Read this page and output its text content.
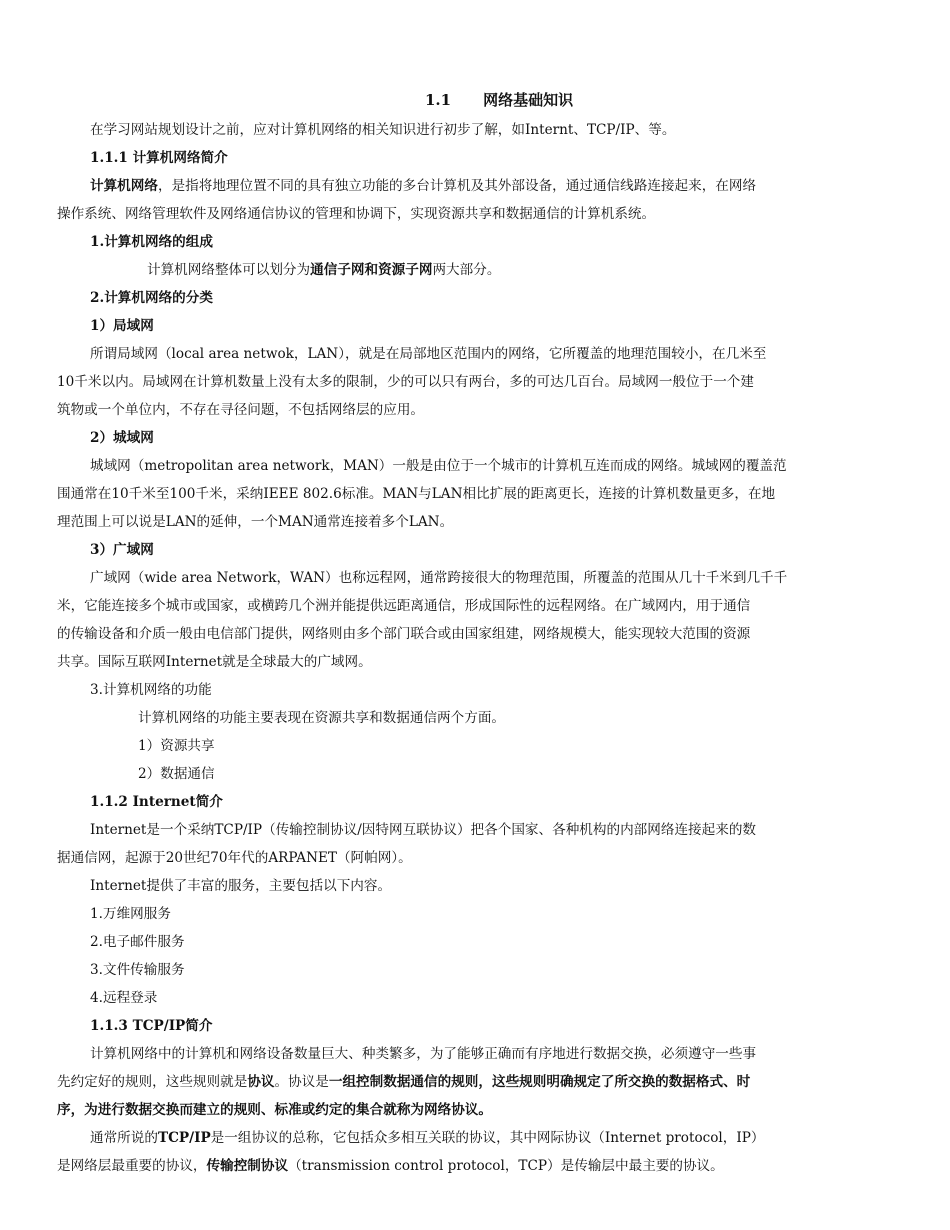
1.1 网络基础知识
在学习网站规划设计之前，应对计算机网络的相关知识进行初步了解，如Internt、TCP/IP、等。
1.1.1 计算机网络简介
计算机网络，是指将地理位置不同的具有独立功能的多台计算机及其外部设备，通过通信线路连接起来，在网络
操作系统、网络管理软件及网络通信协议的管理和协调下，实现资源共享和数据通信的计算机系统。
1.计算机网络的组成
计算机网络整体可以划分为通信子网和资源子网两大部分。
2.计算机网络的分类
1）局域网
所谓局域网（local area netwok，LAN），就是在局部地区范围内的网络，它所覆盖的地理范围较小，在几米至
10千米以内。局域网在计算机数量上没有太多的限制，少的可以只有两台，多的可达几百台。局域网一般位于一个建
筑物或一个单位内，不存在寻径问题，不包括网络层的应用。
2）城域网
城域网（metropolitan area network，MAN）一般是由位于一个城市的计算机互连而成的网络。城域网的覆盖范
围通常在10千米至100千米，采纳IEEE 802.6标准。MAN与LAN相比扩展的距离更长，连接的计算机数量更多，在地
理范围上可以说是LAN的延伸，一个MAN通常连接着多个LAN。
3）广域网
广域网（wide area Network，WAN）也称远程网，通常跨接很大的物理范围，所覆盖的范围从几十千米到几千千
米，它能连接多个城市或国家，或横跨几个洲并能提供远距离通信，形成国际性的远程网络。在广域网内，用于通信
的传输设备和介质一般由电信部门提供，网络则由多个部门联合或由国家组建，网络规模大，能实现较大范围的资源
共享。国际互联网Internet就是全球最大的广域网。
3.计算机网络的功能
计算机网络的功能主要表现在资源共享和数据通信两个方面。
1）资源共享
2）数据通信
1.1.2 Internet简介
Internet是一个采纳TCP/IP（传输控制协议/因特网互联协议）把各个国家、各种机构的内部网络连接起来的数
据通信网，起源于20世纪70年代的ARPANET（阿帕网）。
Internet提供了丰富的服务，主要包括以下内容。
1.万维网服务
2.电子邮件服务
3.文件传输服务
4.远程登录
1.1.3 TCP/IP简介
计算机网络中的计算机和网络设备数量巨大、种类繁多，为了能够正确而有序地进行数据交换，必须遵守一些事
先约定好的规则，这些规则就是协议。协议是一组控制数据通信的规则，这些规则明确规定了所交换的数据格式、时
序，为进行数据交换而建立的规则、标准或约定的集合就称为网络协议。
通常所说的TCP/IP是一组协议的总称，它包括众多相互关联的协议，其中网际协议（Internet protocol，IP）
是网络层最重要的协议，传输控制协议（transmission control protocol，TCP）是传输层中最主要的协议。
